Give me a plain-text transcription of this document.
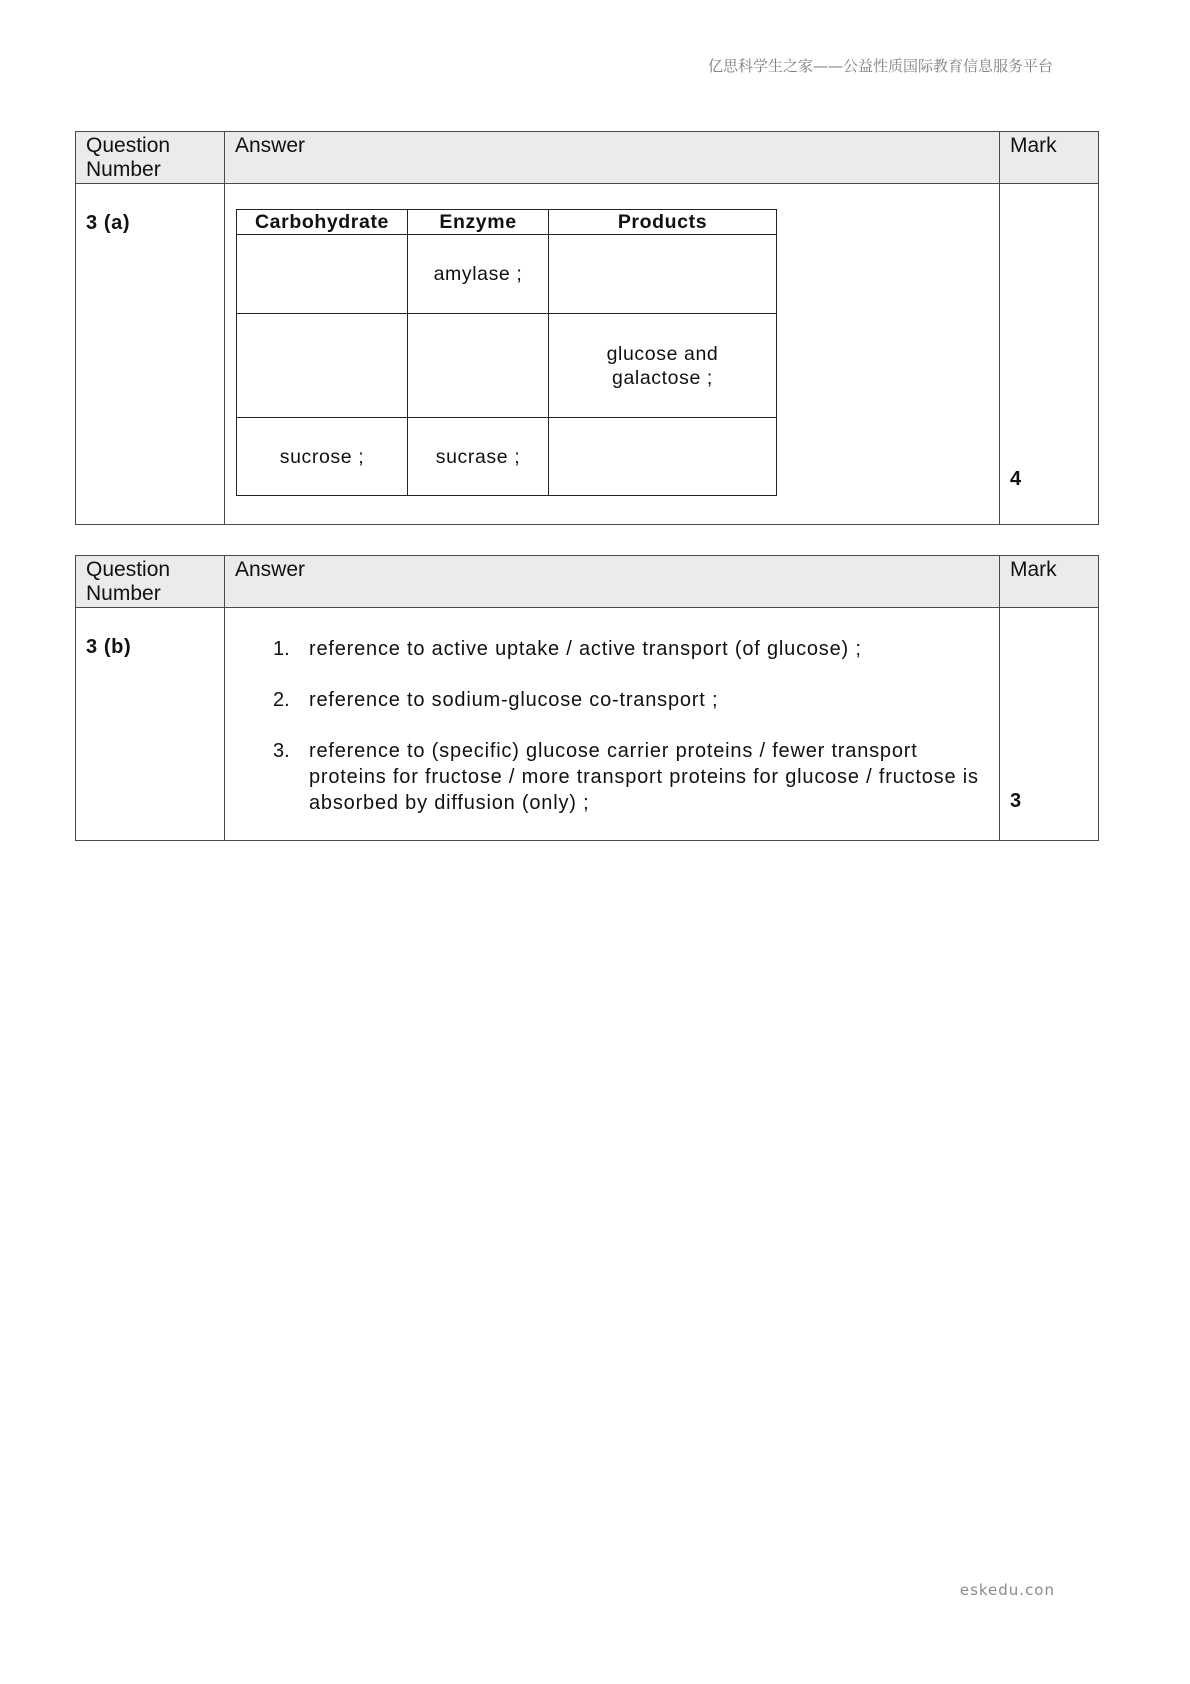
亿思科学生之家——公益性质国际教育信息服务平台
Question
Number
Answer	Mark
3 (a)	Carbohydrate	Enzyme	Products
	amylase ;	
		glucose and galactose ;
sucrose ;	sucrase ;	
4
Question
Number
Answer	Mark
3 (b)	1. reference to active uptake / active transport (of glucose) ;
2. reference to sodium-glucose co-transport ;
3. reference to (specific) glucose carrier proteins / fewer transport proteins for fructose / more transport proteins for glucose / fructose is absorbed by diffusion (only) ;	3
eskedu.con
